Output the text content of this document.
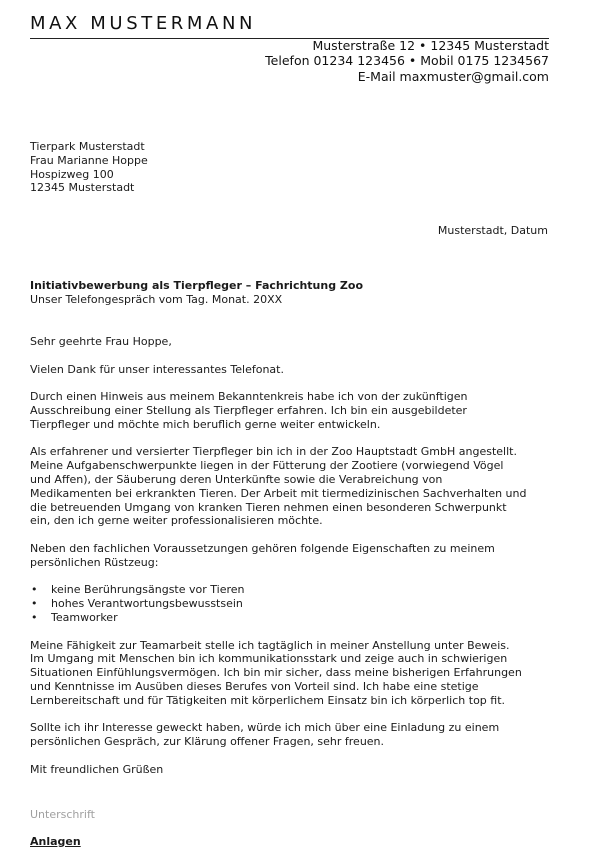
MAX MUSTERMANN
Musterstraße 12 • 12345 Musterstadt
Telefon 01234 123456 • Mobil 0175 1234567
E-Mail maxmuster@gmail.com
Tierpark Musterstadt
Frau Marianne Hoppe
Hospizweg 100
12345 Musterstadt
Musterstadt, Datum
Initiativbewerbung als Tierpfleger – Fachrichtung Zoo
Unser Telefongespräch vom Tag. Monat. 20XX

Sehr geehrte Frau Hoppe,

Vielen Dank für unser interessantes Telefonat.

Durch einen Hinweis aus meinem Bekanntenkreis habe ich von der zukünftigen
Ausschreibung einer Stellung als Tierpfleger erfahren. Ich bin ein ausgebildeter
Tierpfleger und möchte mich beruflich gerne weiter entwickeln.

Als erfahrener und versierter Tierpfleger bin ich in der Zoo Hauptstadt GmbH angestellt.
Meine Aufgabenschwerpunkte liegen in der Fütterung der Zootiere (vorwiegend Vögel
und Affen), der Säuberung deren Unterkünfte sowie die Verabreichung von
Medikamenten bei erkrankten Tieren. Der Arbeit mit tiermedizinischen Sachverhalten und
die betreuenden Umgang von kranken Tieren nehmen einen besonderen Schwerpunkt
ein, den ich gerne weiter professionalisieren möchte.

Neben den fachlichen Voraussetzungen gehören folgende Eigenschaften zu meinem
persönlichen Rüstzeug:

• keine Berührungsängste vor Tieren
• hohes Verantwortungsbewusstsein
• Teamworker

Meine Fähigkeit zur Teamarbeit stelle ich tagtäglich in meiner Anstellung unter Beweis.
Im Umgang mit Menschen bin ich kommunikationsstark und zeige auch in schwierigen
Situationen Einfühlungsvermögen. Ich bin mir sicher, dass meine bisherigen Erfahrungen
und Kenntnisse im Ausüben dieses Berufes von Vorteil sind. Ich habe eine stetige
Lernbereitschaft und für Tätigkeiten mit körperlichem Einsatz bin ich körperlich top fit.

Sollte ich ihr Interesse geweckt haben, würde ich mich über eine Einladung zu einem
persönlichen Gespräch, zur Klärung offener Fragen, sehr freuen.

Mit freundlichen Grüßen

Unterschrift
Anlagen
